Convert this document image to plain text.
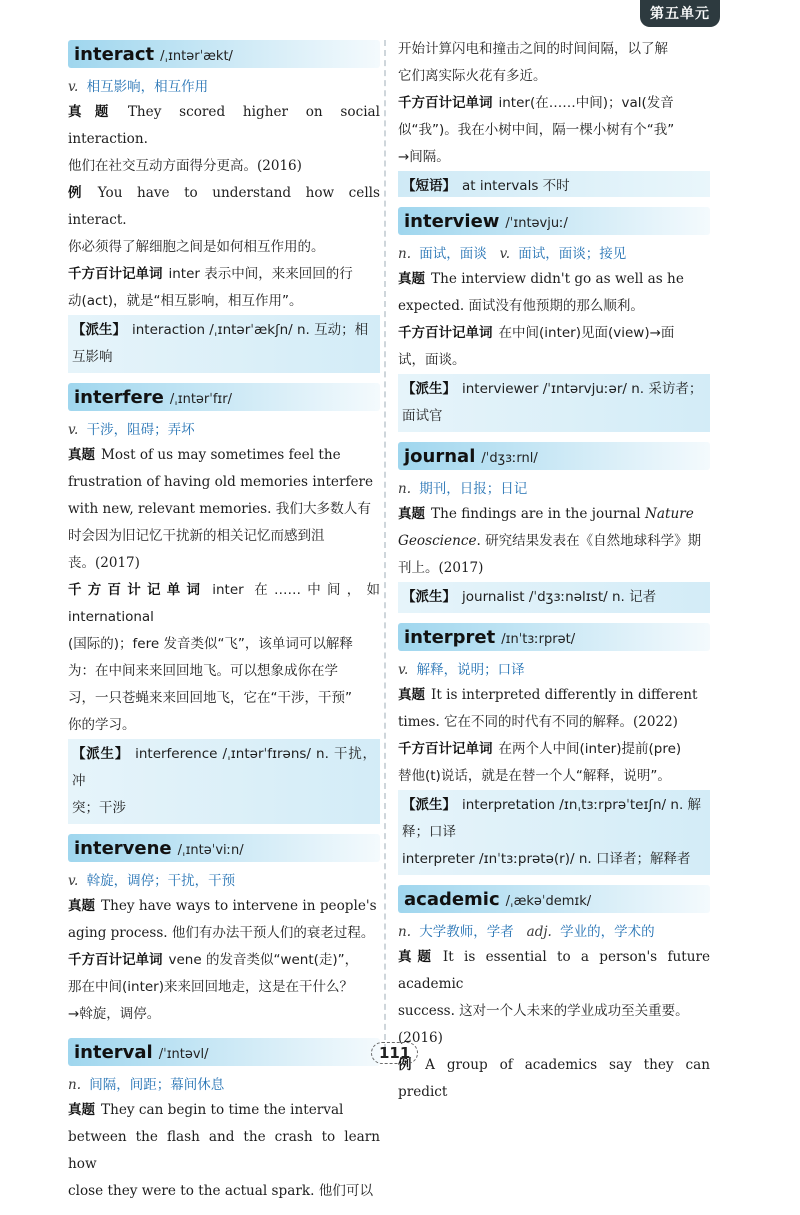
第五单元
interact /ˌɪntərˈækt/
v. 相互影响，相互作用

真题 They scored higher on social interaction.
他们在社交互动方面得分更高。(2016)

例 You have to understand how cells interact.
你必须得了解细胞之间是如何相互作用的。

千方百计记单词 inter 表示中间，来来回回的行
动(act)，就是“相互影响，相互作用”。

【派生】 interaction /ˌɪntərˈækʃn/ n. 互动；相
互影响

interfere /ˌɪntərˈfɪr/
v. 干涉，阻碍；弄坏

真题 Most of us may sometimes feel the
frustration of having old memories interfere
with new, relevant memories. 我们大多数人有
时会因为旧记忆干扰新的相关记忆而感到沮
丧。(2017)

千方百计记单词 inter 在……中间，如 international
(国际的)；fere 发音类似“飞”，该单词可以解释
为：在中间来来回回地飞。可以想象成你在学
习，一只苍蝇来来回回地飞，它在“干涉，干预”
你的学习。

【派生】 interference /ˌɪntərˈfɪrəns/ n. 干扰，冲
突；干涉

intervene /ˌɪntəˈviːn/
v. 斡旋，调停；干扰，干预

真题 They have ways to intervene in people's
aging process. 他们有办法干预人们的衰老过程。

千方百计记单词 vene 的发音类似“went(走)”，
那在中间(inter)来来回回地走，这是在干什么？
→斡旋，调停。

interval /ˈɪntəvl/
n. 间隔，间距；幕间休息

真题 They can begin to time the interval
between the flash and the crash to learn how
close they were to the actual spark. 他们可以

开始计算闪电和撞击之间的时间间隔，以了解
它们离实际火花有多近。

千方百计记单词 inter(在……中间)；val(发音
似“我”)。我在小树中间，隔一棵小树有个“我”
→间隔。

【短语】 at intervals 不时
interview /ˈɪntəvjuː/
n. 面试，面谈 v. 面试，面谈；接见

真题 The interview didn't go as well as he
expected. 面试没有他预期的那么顺利。

千方百计记单词 在中间(inter)见面(view)→面
试，面谈。

【派生】 interviewer /ˈɪntərvjuːər/ n. 采访者；
面试官

journal /ˈdʒɜːrnl/
n. 期刊，日报；日记

真题 The findings are in the journal Nature
Geoscience. 研究结果发表在《自然地球科学》期
刊上。(2017)

【派生】 journalist /ˈdʒɜːnəlɪst/ n. 记者

interpret /ɪnˈtɜːrprət/
v. 解释，说明；口译

真题 It is interpreted differently in different
times. 它在不同的时代有不同的解释。(2022)

千方百计记单词 在两个人中间(inter)提前(pre)
替他(t)说话，就是在替一个人“解释，说明”。

【派生】 interpretation /ɪnˌtɜːrprəˈteɪʃn/ n. 解
释；口译
interpreter /ɪnˈtɜːprətə(r)/ n. 口译者；解释者

academic /ˌækəˈdemɪk/
n. 大学教师，学者 adj. 学业的，学术的

真题 It is essential to a person's future academic
success. 这对一个人未来的学业成功至关重要。
(2016)

例 A group of academics say they can predict

111
